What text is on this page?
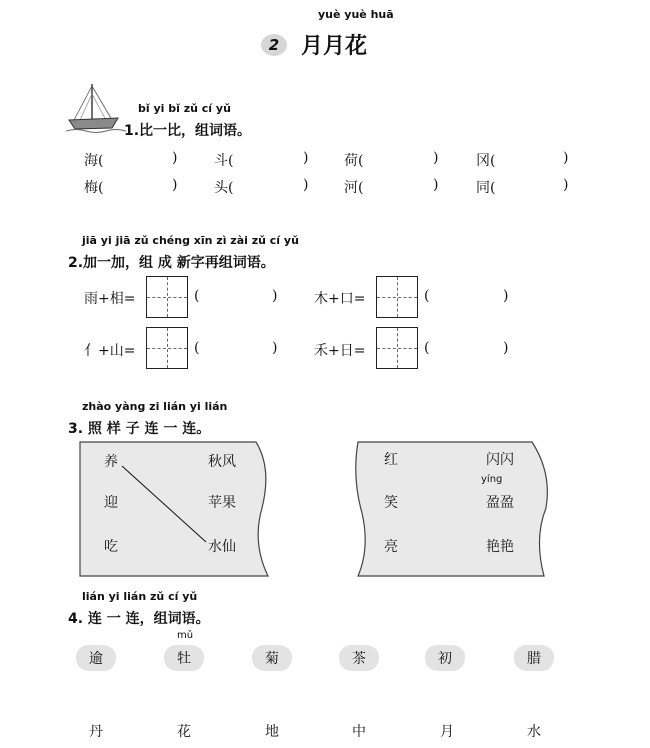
yuè yuè huā
2 月月花
bǐ yi bǐ zǔ cí yǔ
1.比一比，组词语。
海(	)	斗(	)	荷(	)	冈(	)
梅(	)	头(	)	河(	)	同(	)
jiā yi jiā zǔ chéng xīn zì zài zǔ cí yǔ
2.加一加，组 成 新字再组词语。
雨+相=	(	)	木+口=	(	)
亻+山=	(	)	禾+日=	(	)
zhào yàng zi lián yi lián
3. 照 样 子 连 一 连。
养
迎
吃
秋风
苹果
水仙
红
笑
亮
闪闪
yíng
盈盈
艳艳
lián yi lián zǔ cí yǔ
4. 连 一 连，组词语。
mǔ
逾	牡	菊	茶	初	腊
丹	花	地	中	月	水
